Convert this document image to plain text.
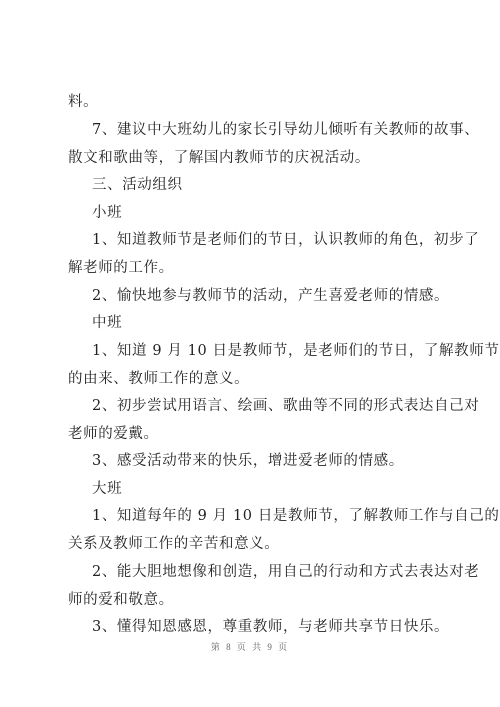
料。

7、建议中大班幼儿的家长引导幼儿倾听有关教师的故事、
散文和歌曲等，了解国内教师节的庆祝活动。

三、活动组织

小班

1、知道教师节是老师们的节日，认识教师的角色，初步了
解老师的工作。

2、愉快地参与教师节的活动，产生喜爱老师的情感。

中班

1、知道 9 月 10 日是教师节，是老师们的节日，了解教师节
的由来、教师工作的意义。

2、初步尝试用语言、绘画、歌曲等不同的形式表达自己对
老师的爱戴。

3、感受活动带来的快乐，增进爱老师的情感。

大班

1、知道每年的 9 月 10 日是教师节，了解教师工作与自己的
关系及教师工作的辛苦和意义。

2、能大胆地想像和创造，用自己的行动和方式去表达对老
师的爱和敬意。

3、懂得知恩感恩，尊重教师，与老师共享节日快乐。

第 8 页 共 9 页
